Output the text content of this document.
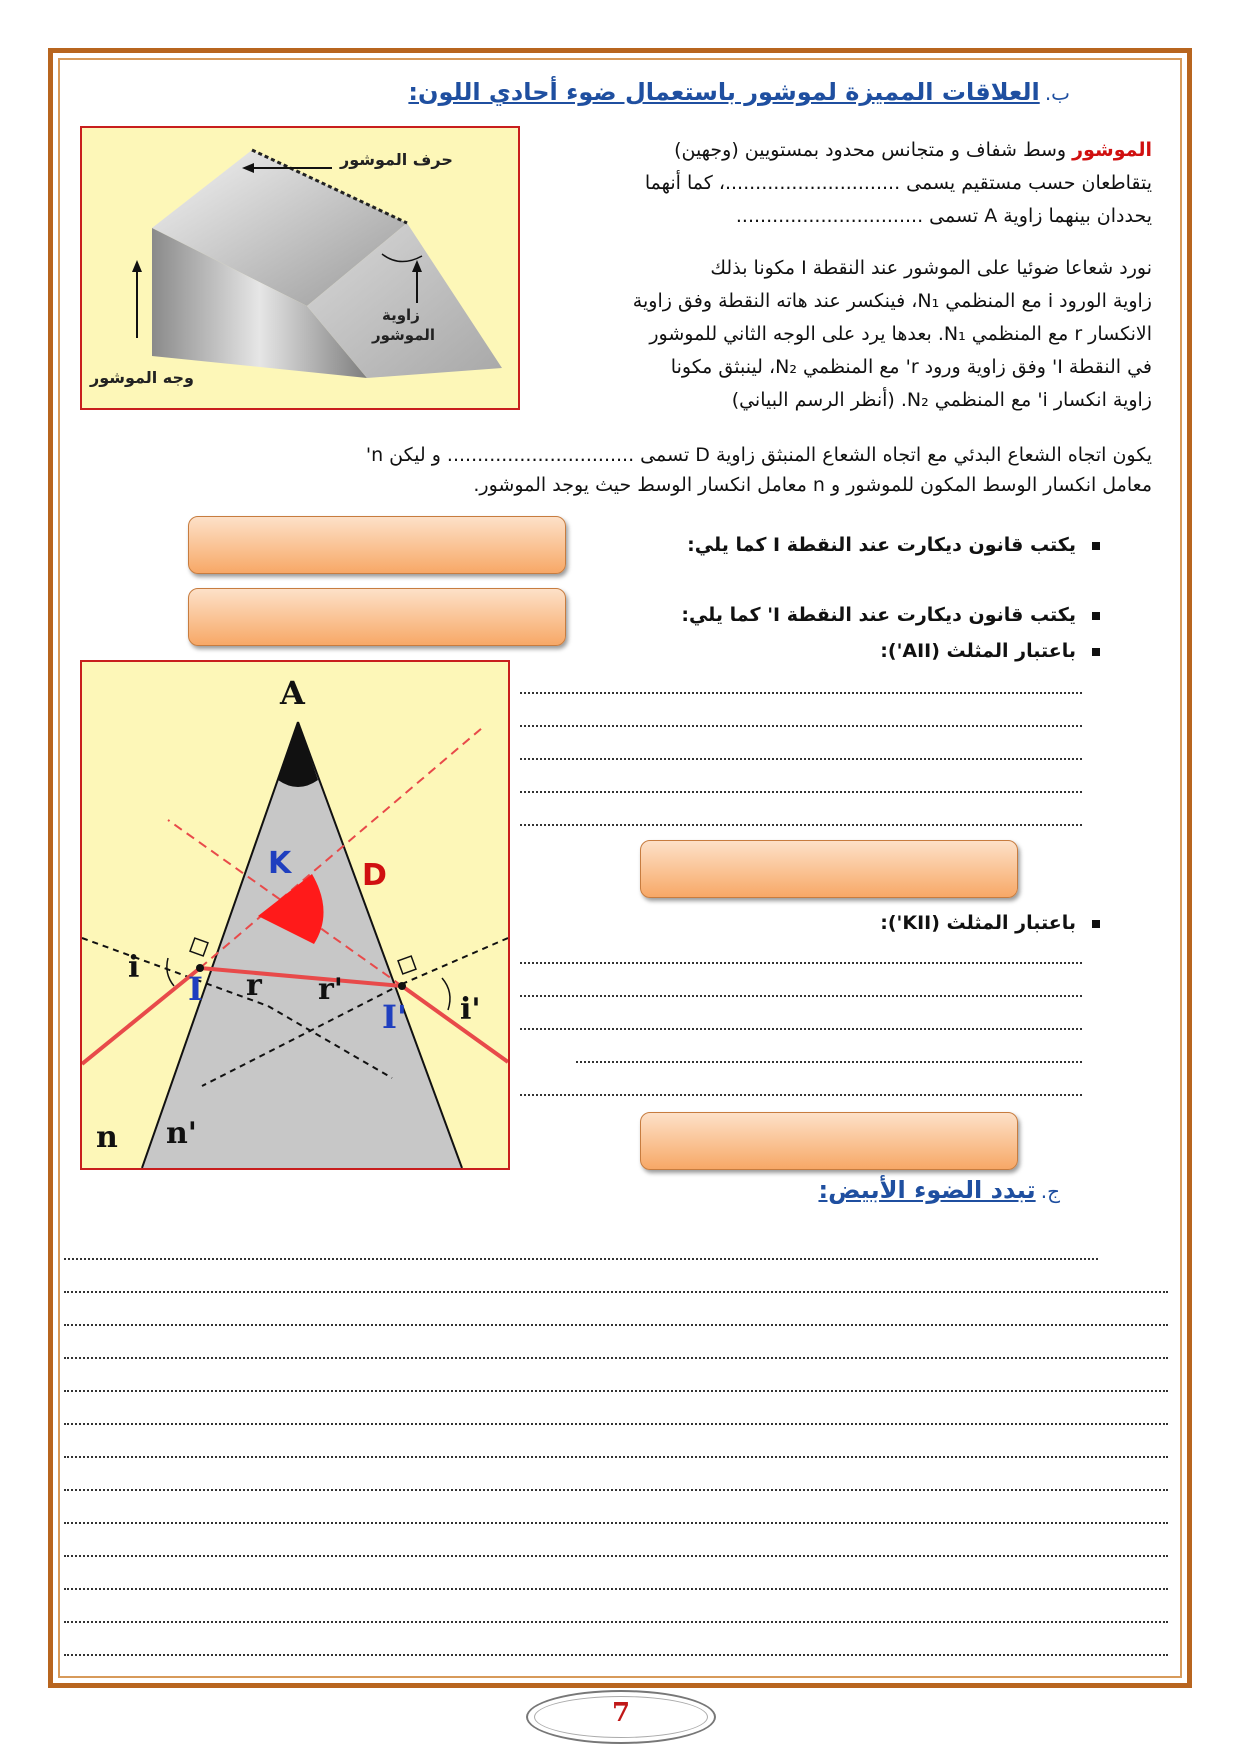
ب. العلاقات المميزة لموشور باستعمال ضوء أحادي اللون:
حرف الموشور
زاوية
الموشور
وجه الموشور
الموشور وسط شفاف و متجانس محدود بمستويين (وجهين)
يتقاطعان حسب مستقيم يسمى .............................، كما أنهما
يحددان بينهما زاوية A تسمى ...............................
نورد شعاعا ضوئيا على الموشور عند النقطة I مكونا بذلك
زاوية الورود i مع المنظمي N₁، فينكسر عند هاته النقطة وفق زاوية
الانكسار r مع المنظمي N₁. بعدها يرد على الوجه الثاني للموشور
في النقطة I' وفق زاوية ورود r' مع المنظمي N₂، لينبثق مكونا
زاوية انكسار i' مع المنظمي N₂. (أنظر الرسم البياني)
يكون اتجاه الشعاع البدئي مع اتجاه الشعاع المنبثق زاوية D تسمى ............................... و ليكن n'
معامل انكسار الوسط المكون للموشور و n معامل انكسار الوسط حيث يوجد الموشور.
يكتب قانون ديكارت عند النقطة I كما يلي:
يكتب قانون ديكارت عند النقطة I' كما يلي:
باعتبار المثلث (AII'):
باعتبار المثلث (KII'):
A
K D
i
I r r'
I' i'
n n'
ج. تبدد الضوء الأبيض:
7
